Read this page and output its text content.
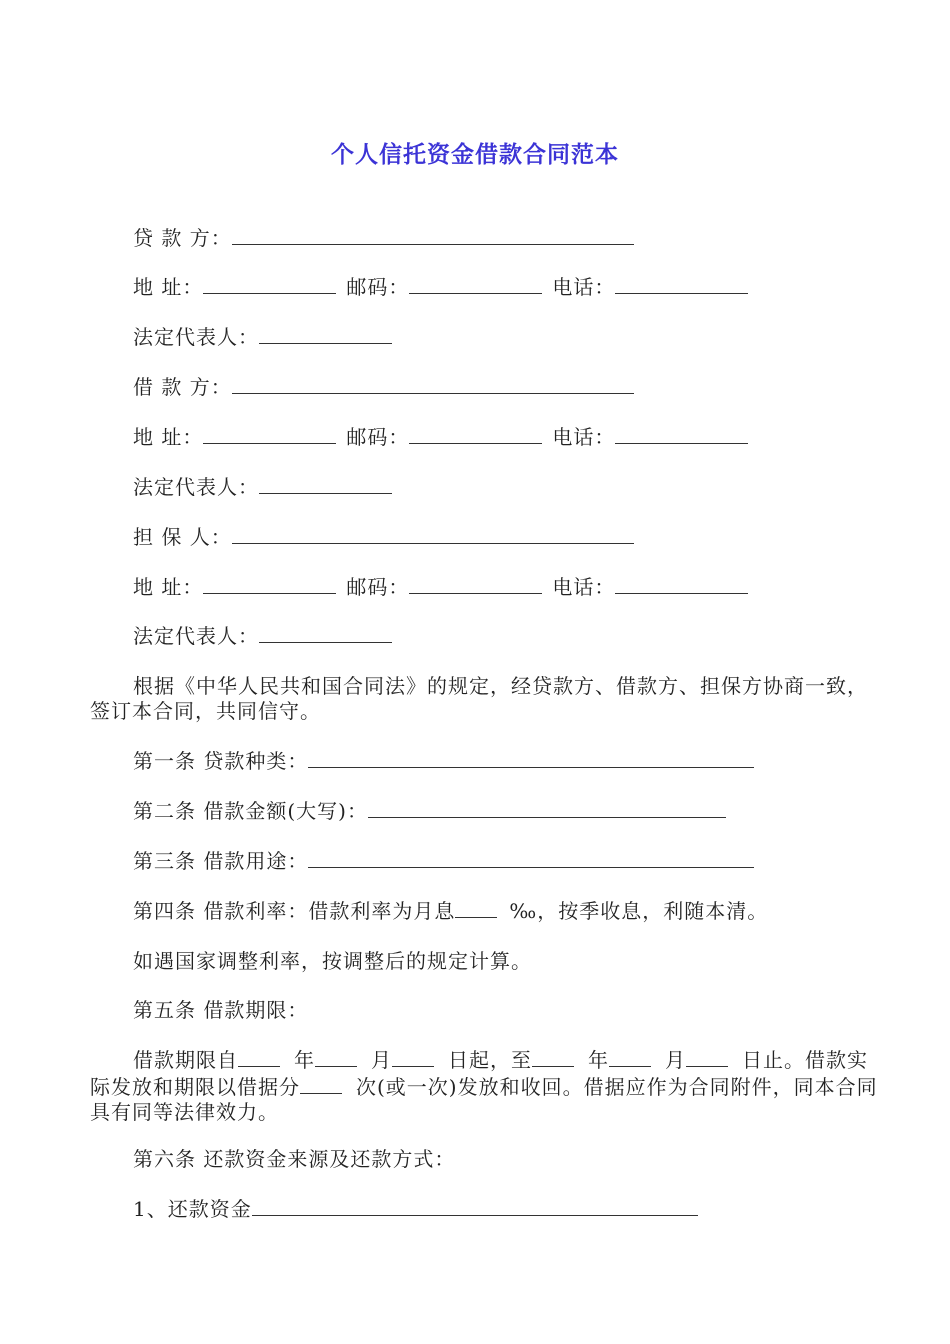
个人信托资金借款合同范本
贷 款 方：
地 址：	邮码：	电话：
法定代表人：
借 款 方：
地 址：	邮码：	电话：
法定代表人：
担 保 人：
地 址：	邮码：	电话：
法定代表人：
根据《中华人民共和国合同法》的规定，经贷款方、借款方、担保方协商一致，签订本合同，共同信守。
第一条 贷款种类：
第二条 借款金额(大写)：
第三条 借款用途：
第四条 借款利率：借款利率为月息	‰，按季收息，利随本清。
如遇国家调整利率，按调整后的规定计算。
第五条 借款期限：
借款期限自	年	月	日起，至	年	月	日止。借款实际发放和期限以借据分	次(或一次)发放和收回。借据应作为合同附件，同本合同具有同等法律效力。
第六条 还款资金来源及还款方式：
1、还款资金
